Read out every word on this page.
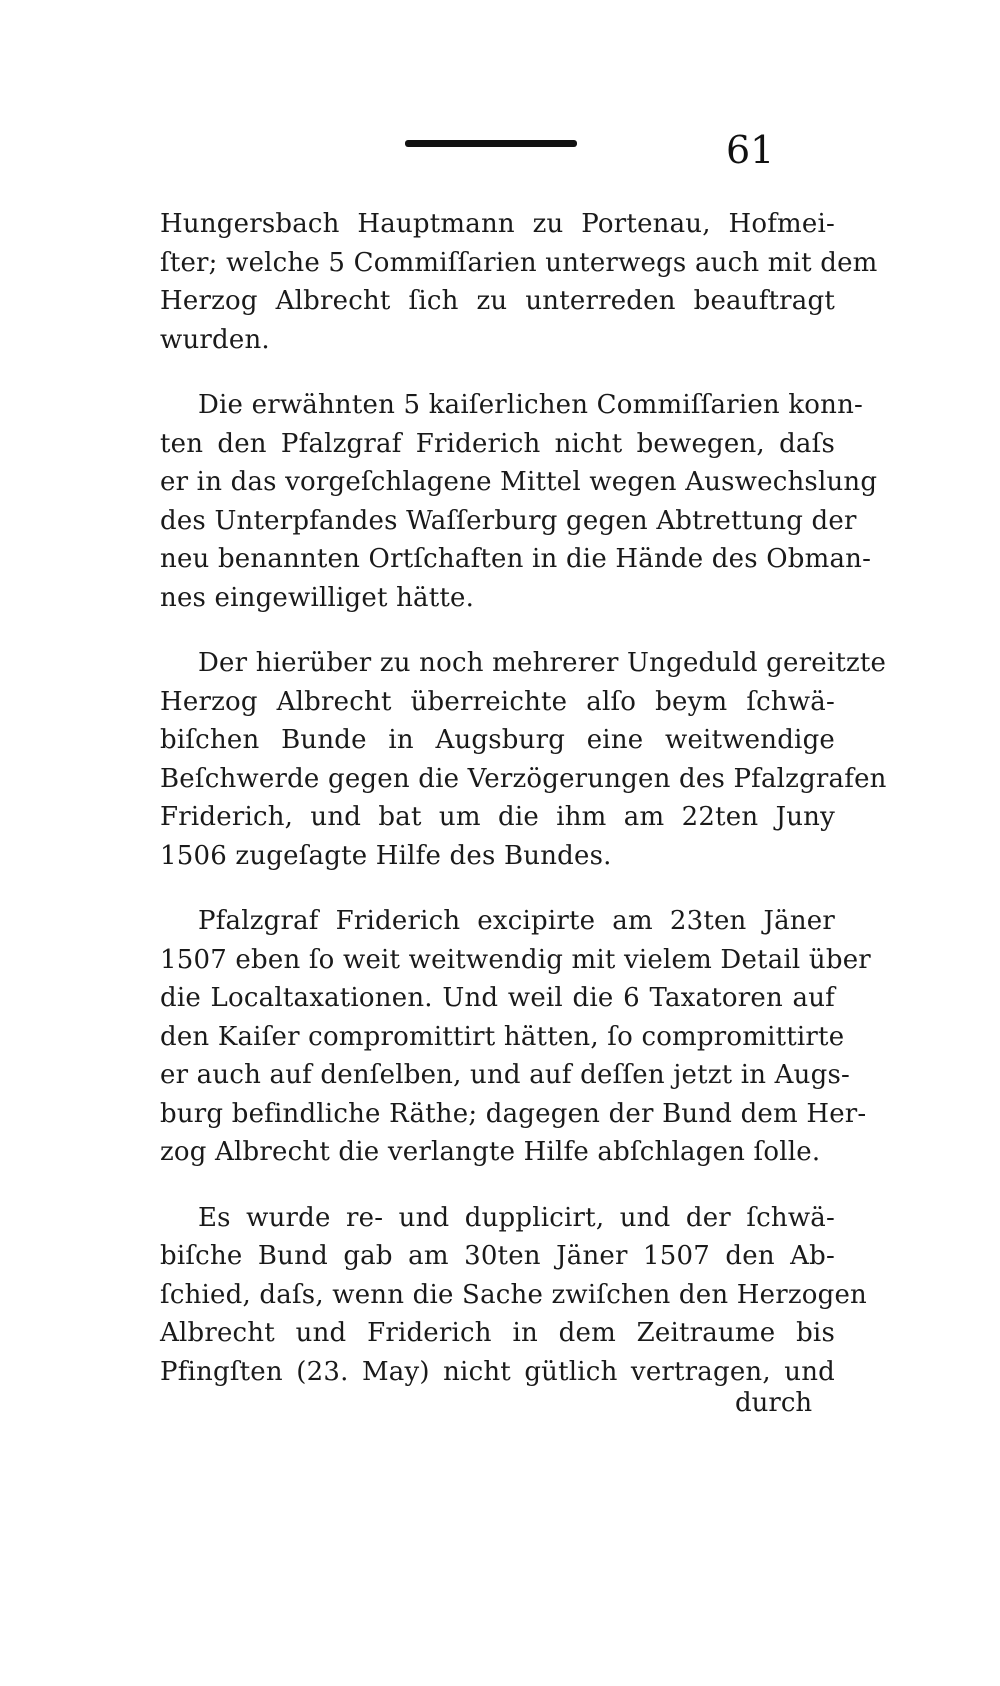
61

Hungersbach Hauptmann zu Portenau, Hofmei-
ſter; welche 5 Commiſſarien unterwegs auch mit dem
Herzog Albrecht ſich zu unterreden beauftragt
wurden.

Die erwähnten 5 kaiſerlichen Commiſſarien konn-
ten den Pfalzgraf Friderich nicht bewegen, daſs
er in das vorgeſchlagene Mittel wegen Auswechslung
des Unterpfandes Waſſerburg gegen Abtrettung der
neu benannten Ortſchaften in die Hände des Obman-
nes eingewilliget hätte.

Der hierüber zu noch mehrerer Ungeduld gereitzte
Herzog Albrecht überreichte alſo beym ſchwä-
biſchen Bunde in Augsburg eine weitwendige
Beſchwerde gegen die Verzögerungen des Pfalzgrafen
Friderich, und bat um die ihm am 22ten Juny
1506 zugeſagte Hilfe des Bundes.

Pfalzgraf Friderich excipirte am 23ten Jäner
1507 eben ſo weit weitwendig mit vielem Detail über
die Localtaxationen. Und weil die 6 Taxatoren auf
den Kaiſer compromittirt hätten, ſo compromittirte
er auch auf denſelben, und auf deſſen jetzt in Augs-
burg befindliche Räthe; dagegen der Bund dem Her-
zog Albrecht die verlangte Hilfe abſchlagen ſolle.

Es wurde re- und dupplicirt, und der ſchwä-
biſche Bund gab am 30ten Jäner 1507 den Ab-
ſchied, daſs, wenn die Sache zwiſchen den Herzogen
Albrecht und Friderich in dem Zeitraume bis
Pfingſten (23. May) nicht gütlich vertragen, und

durch
